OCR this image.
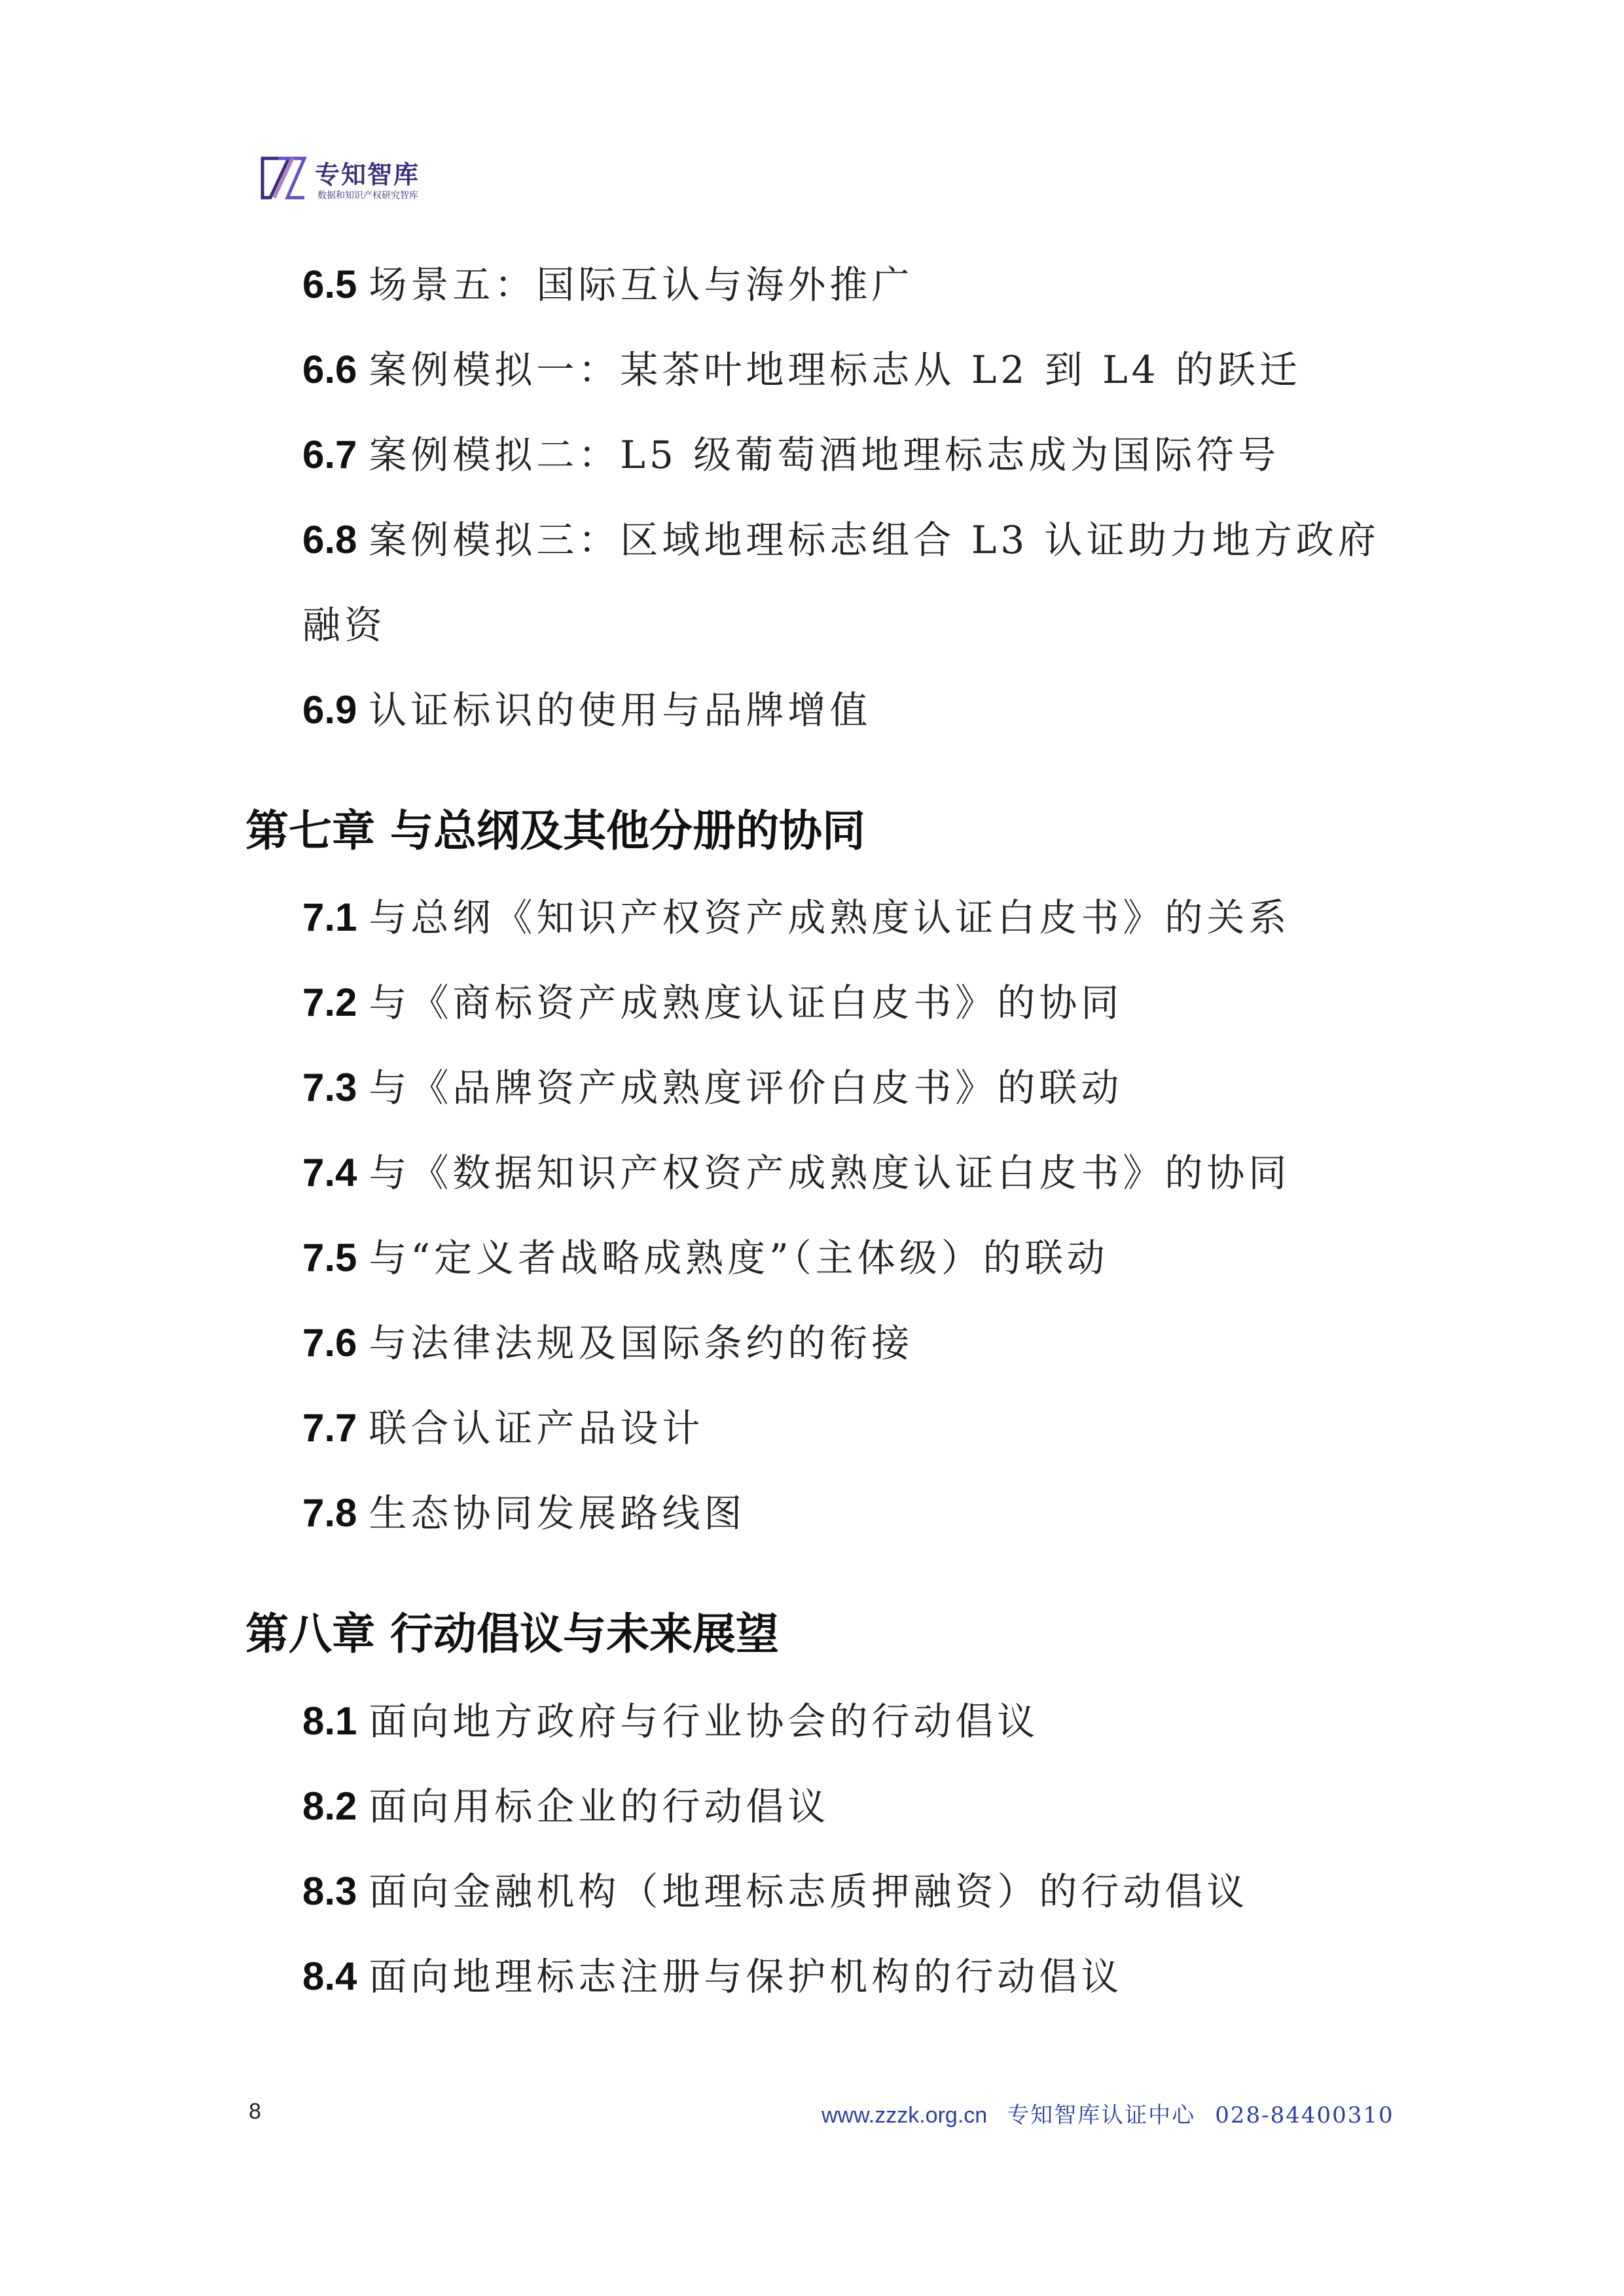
专知智库
数据和知识产权研究智库
6.5 场景五：国际互认与海外推广
6.6 案例模拟一：某茶叶地理标志从 L2 到 L4 的跃迁
6.7 案例模拟二：L5 级葡萄酒地理标志成为国际符号
6.8 案例模拟三：区域地理标志组合 L3 认证助力地方政府
融资
6.9 认证标识的使用与品牌增值
第七章 与总纲及其他分册的协同
7.1 与总纲《知识产权资产成熟度认证白皮书》的关系
7.2 与《商标资产成熟度认证白皮书》的协同
7.3 与《品牌资产成熟度评价白皮书》的联动
7.4 与《数据知识产权资产成熟度认证白皮书》的协同
7.5 与“定义者战略成熟度”（主体级）的联动
7.6 与法律法规及国际条约的衔接
7.7 联合认证产品设计
7.8 生态协同发展路线图
第八章 行动倡议与未来展望
8.1 面向地方政府与行业协会的行动倡议
8.2 面向用标企业的行动倡议
8.3 面向金融机构（地理标志质押融资）的行动倡议
8.4 面向地理标志注册与保护机构的行动倡议
8	www.zzzk.org.cn 专知智库认证中心 028-84400310
